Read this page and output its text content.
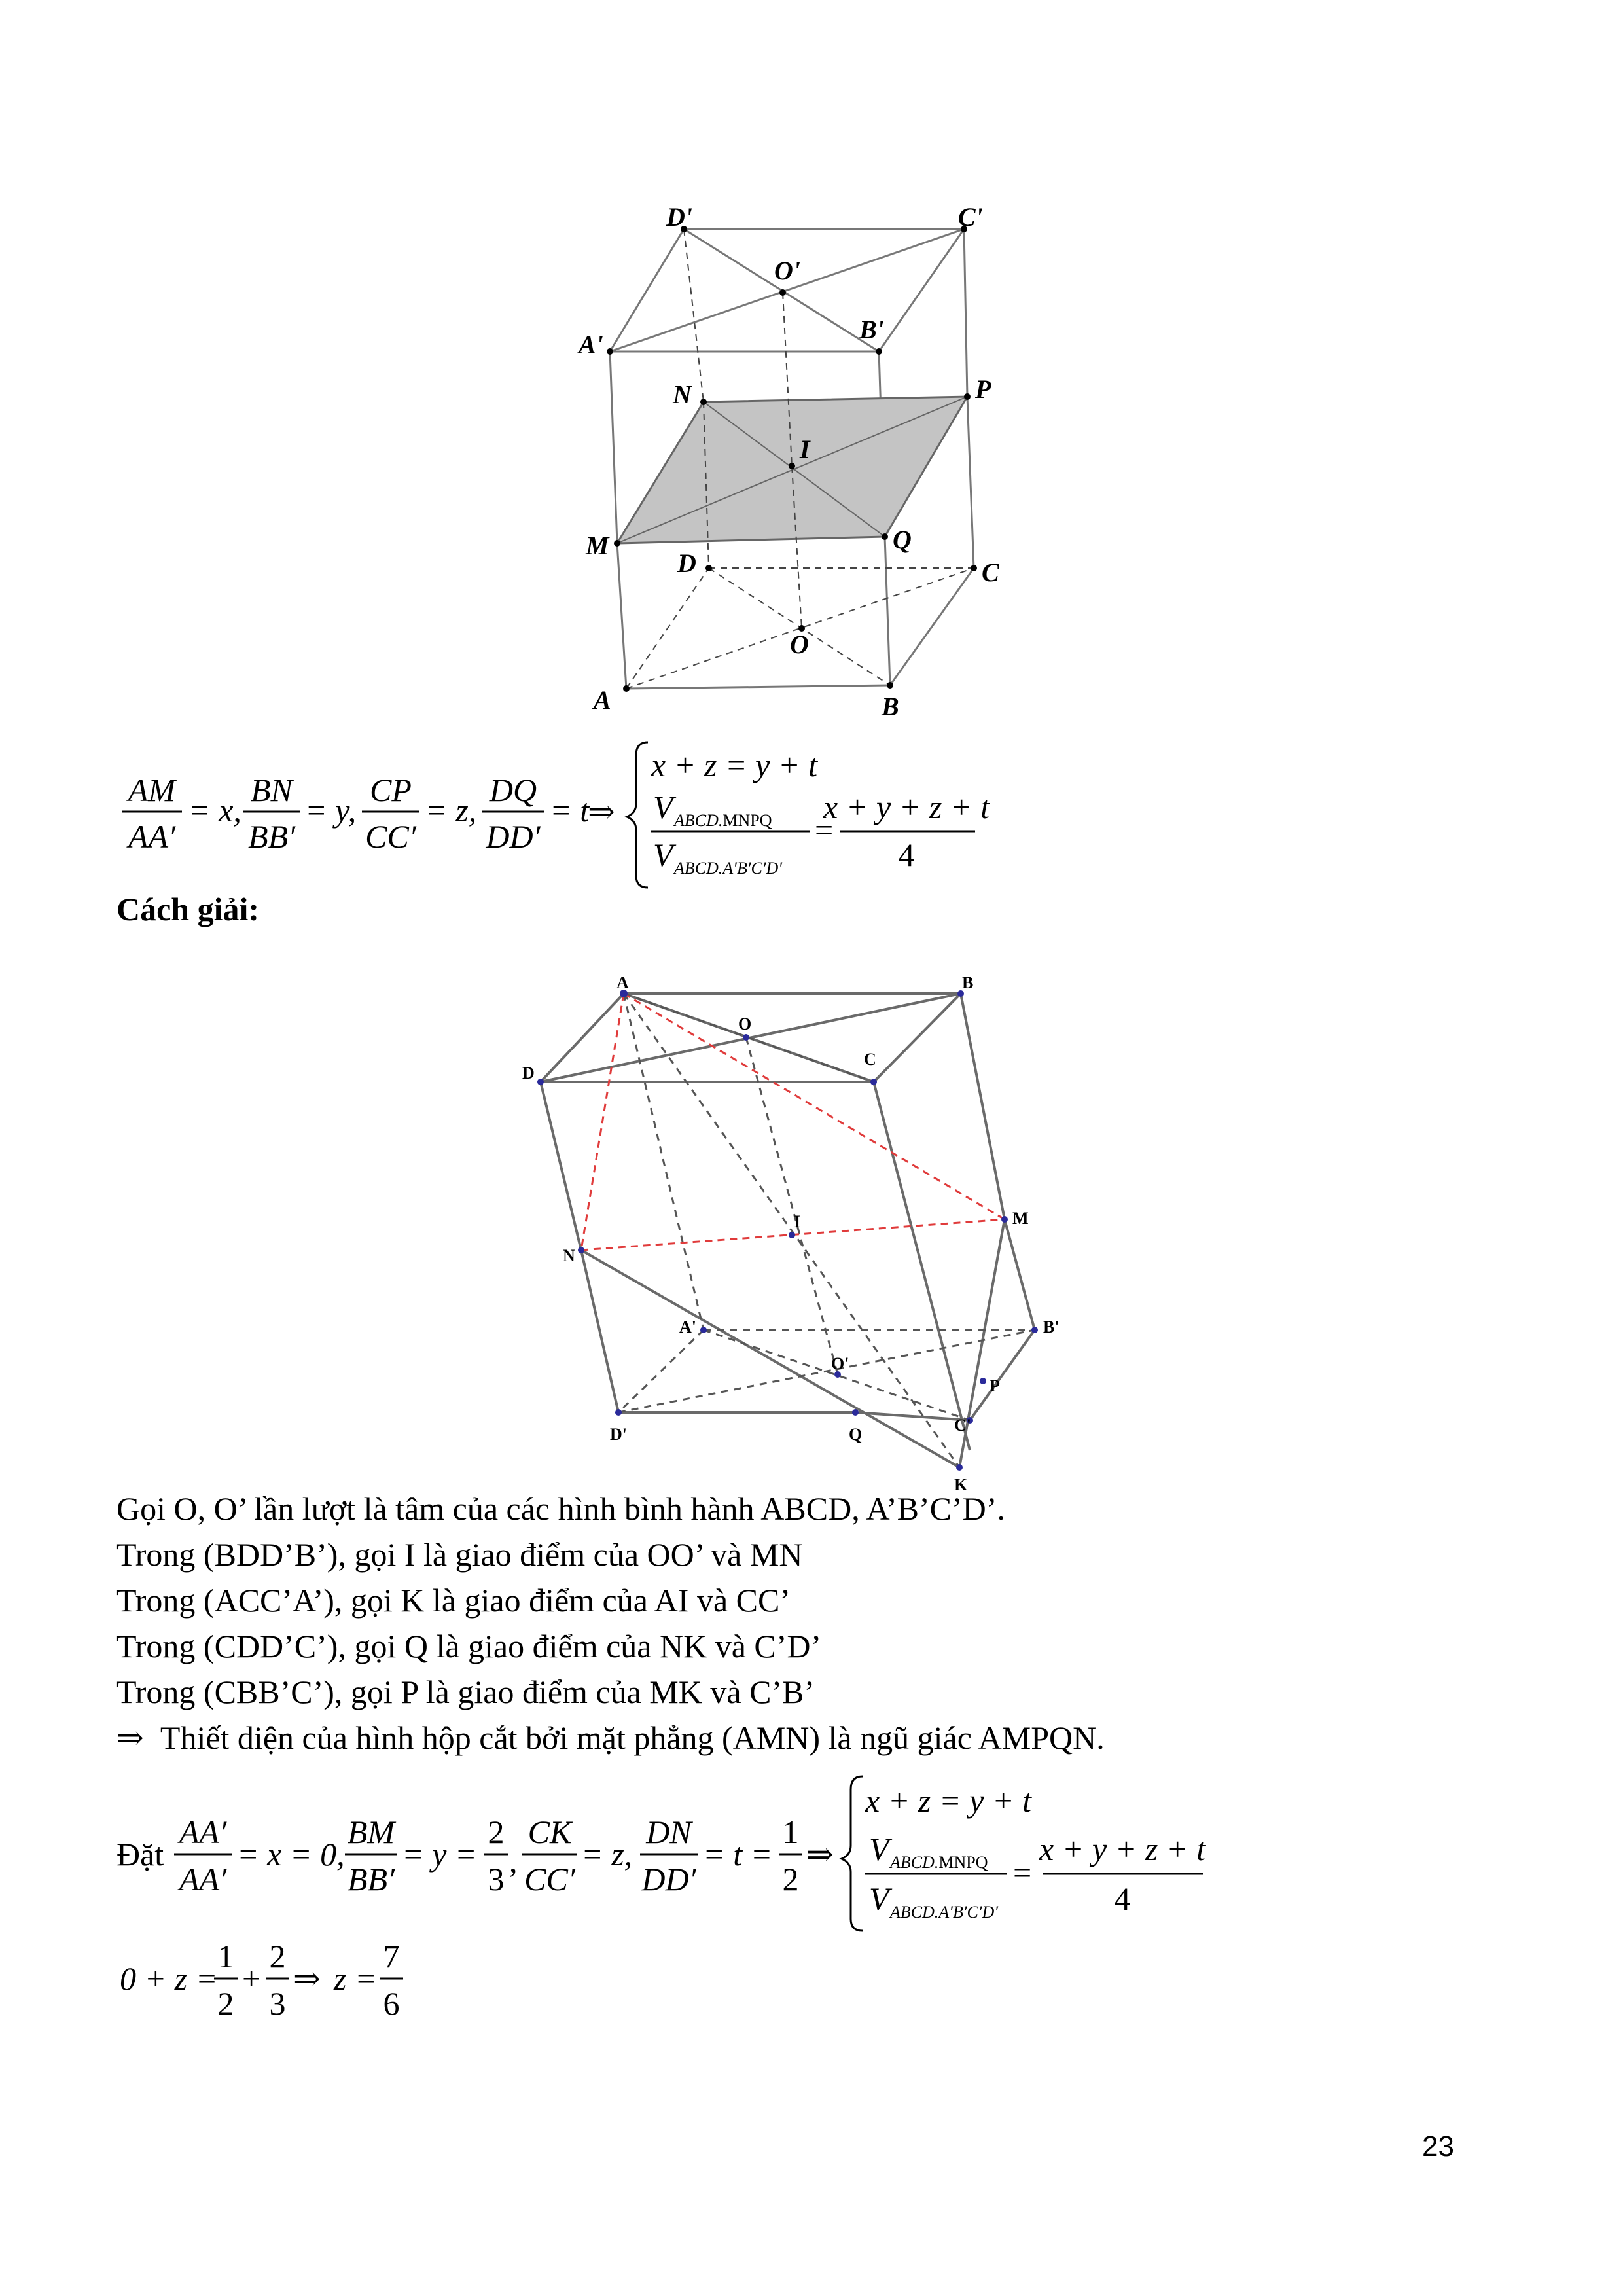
D'	C'
O'
A'
B'
N	P
I
M	Q
D	C
O
A	B
AM
AA′
= x,
BN
BB′
= y,
CP
CC′
= z,
DQ
DD′
= t
⇒
x + z = y + t
V ABCD.MNPQ
V ABCD.A′B′C′D′
=
x + y + z + t
4
Cách giải:
A	B
O
D
C
I	M
N
A'	B'
O'
P
D'	Q	C'
K
Gọi O, O’ lần lượt là tâm của các hình bình hành ABCD, A’B’C’D’.
Trong (BDD’B’), gọi I là giao điểm của OO’ và MN
Trong (ACC’A’), gọi K là giao điểm của AI và CC’
Trong (CDD’C’), gọi Q là giao điểm của NK và C’D’
Trong (CBB’C’), gọi P là giao điểm của MK và C’B’
⇒ Thiết diện của hình hộp cắt bởi mặt phẳng (AMN) là ngũ giác AMPQN.
Đặt
AA′
AA′
= x = 0,
BM
BB′
= y =
2
3 ,
CK
CC′
= z,
DN
DD′
= t =
1
2
⇒
x + z = y + t
V ABCD.MNPQ
V ABCD.A′B′C′D′
=
x + y + z + t
4
0 + z =
1
2
+
2
3
⇒ z =
7
6
23
